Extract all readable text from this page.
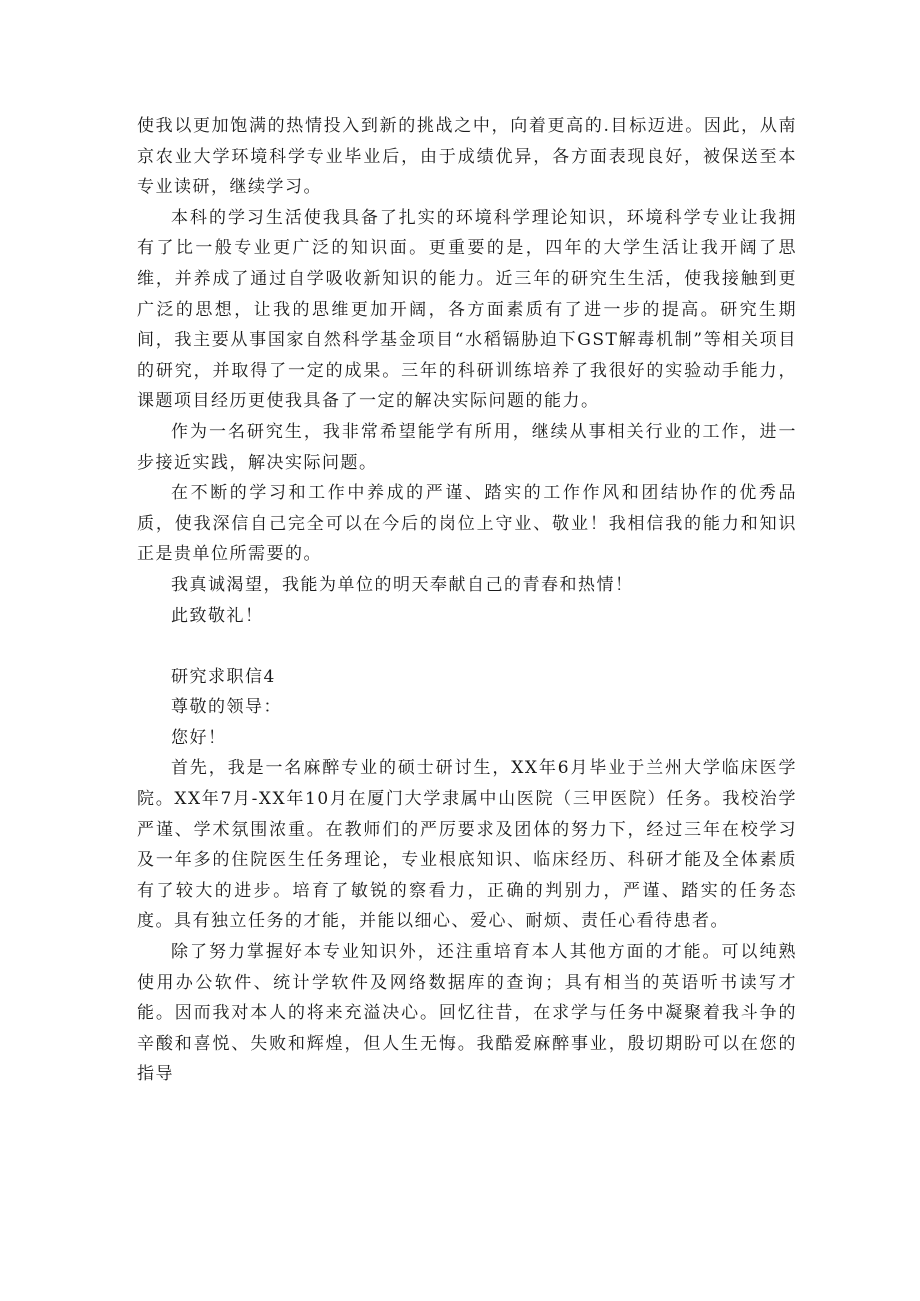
使我以更加饱满的热情投入到新的挑战之中，向着更高的.目标迈进。因此，从南京农业大学环境科学专业毕业后，由于成绩优异，各方面表现良好，被保送至本专业读研，继续学习。

本科的学习生活使我具备了扎实的环境科学理论知识，环境科学专业让我拥有了比一般专业更广泛的知识面。更重要的是，四年的大学生活让我开阔了思维，并养成了通过自学吸收新知识的能力。近三年的研究生生活，使我接触到更广泛的思想，让我的思维更加开阔，各方面素质有了进一步的提高。研究生期间，我主要从事国家自然科学基金项目“水稻镉胁迫下GST解毒机制”等相关项目的研究，并取得了一定的成果。三年的科研训练培养了我很好的实验动手能力，课题项目经历更使我具备了一定的解决实际问题的能力。

作为一名研究生，我非常希望能学有所用，继续从事相关行业的工作，进一步接近实践，解决实际问题。

在不断的学习和工作中养成的严谨、踏实的工作作风和团结协作的优秀品质，使我深信自己完全可以在今后的岗位上守业、敬业！我相信我的能力和知识正是贵单位所需要的。

我真诚渴望，我能为单位的明天奉献自己的青春和热情！

此致敬礼！

研究求职信4

尊敬的领导：

您好！

首先，我是一名麻醉专业的硕士研讨生，XX年6月毕业于兰州大学临床医学院。XX年7月-XX年10月在厦门大学隶属中山医院（三甲医院）任务。我校治学严谨、学术氛围浓重。在教师们的严厉要求及团体的努力下，经过三年在校学习及一年多的住院医生任务理论，专业根底知识、临床经历、科研才能及全体素质有了较大的进步。培育了敏锐的察看力，正确的判别力，严谨、踏实的任务态度。具有独立任务的才能，并能以细心、爱心、耐烦、责任心看待患者。

除了努力掌握好本专业知识外，还注重培育本人其他方面的才能。可以纯熟使用办公软件、统计学软件及网络数据库的查询；具有相当的英语听书读写才能。因而我对本人的将来充溢决心。回忆往昔，在求学与任务中凝聚着我斗争的辛酸和喜悦、失败和辉煌，但人生无悔。我酷爱麻醉事业，殷切期盼可以在您的指导
